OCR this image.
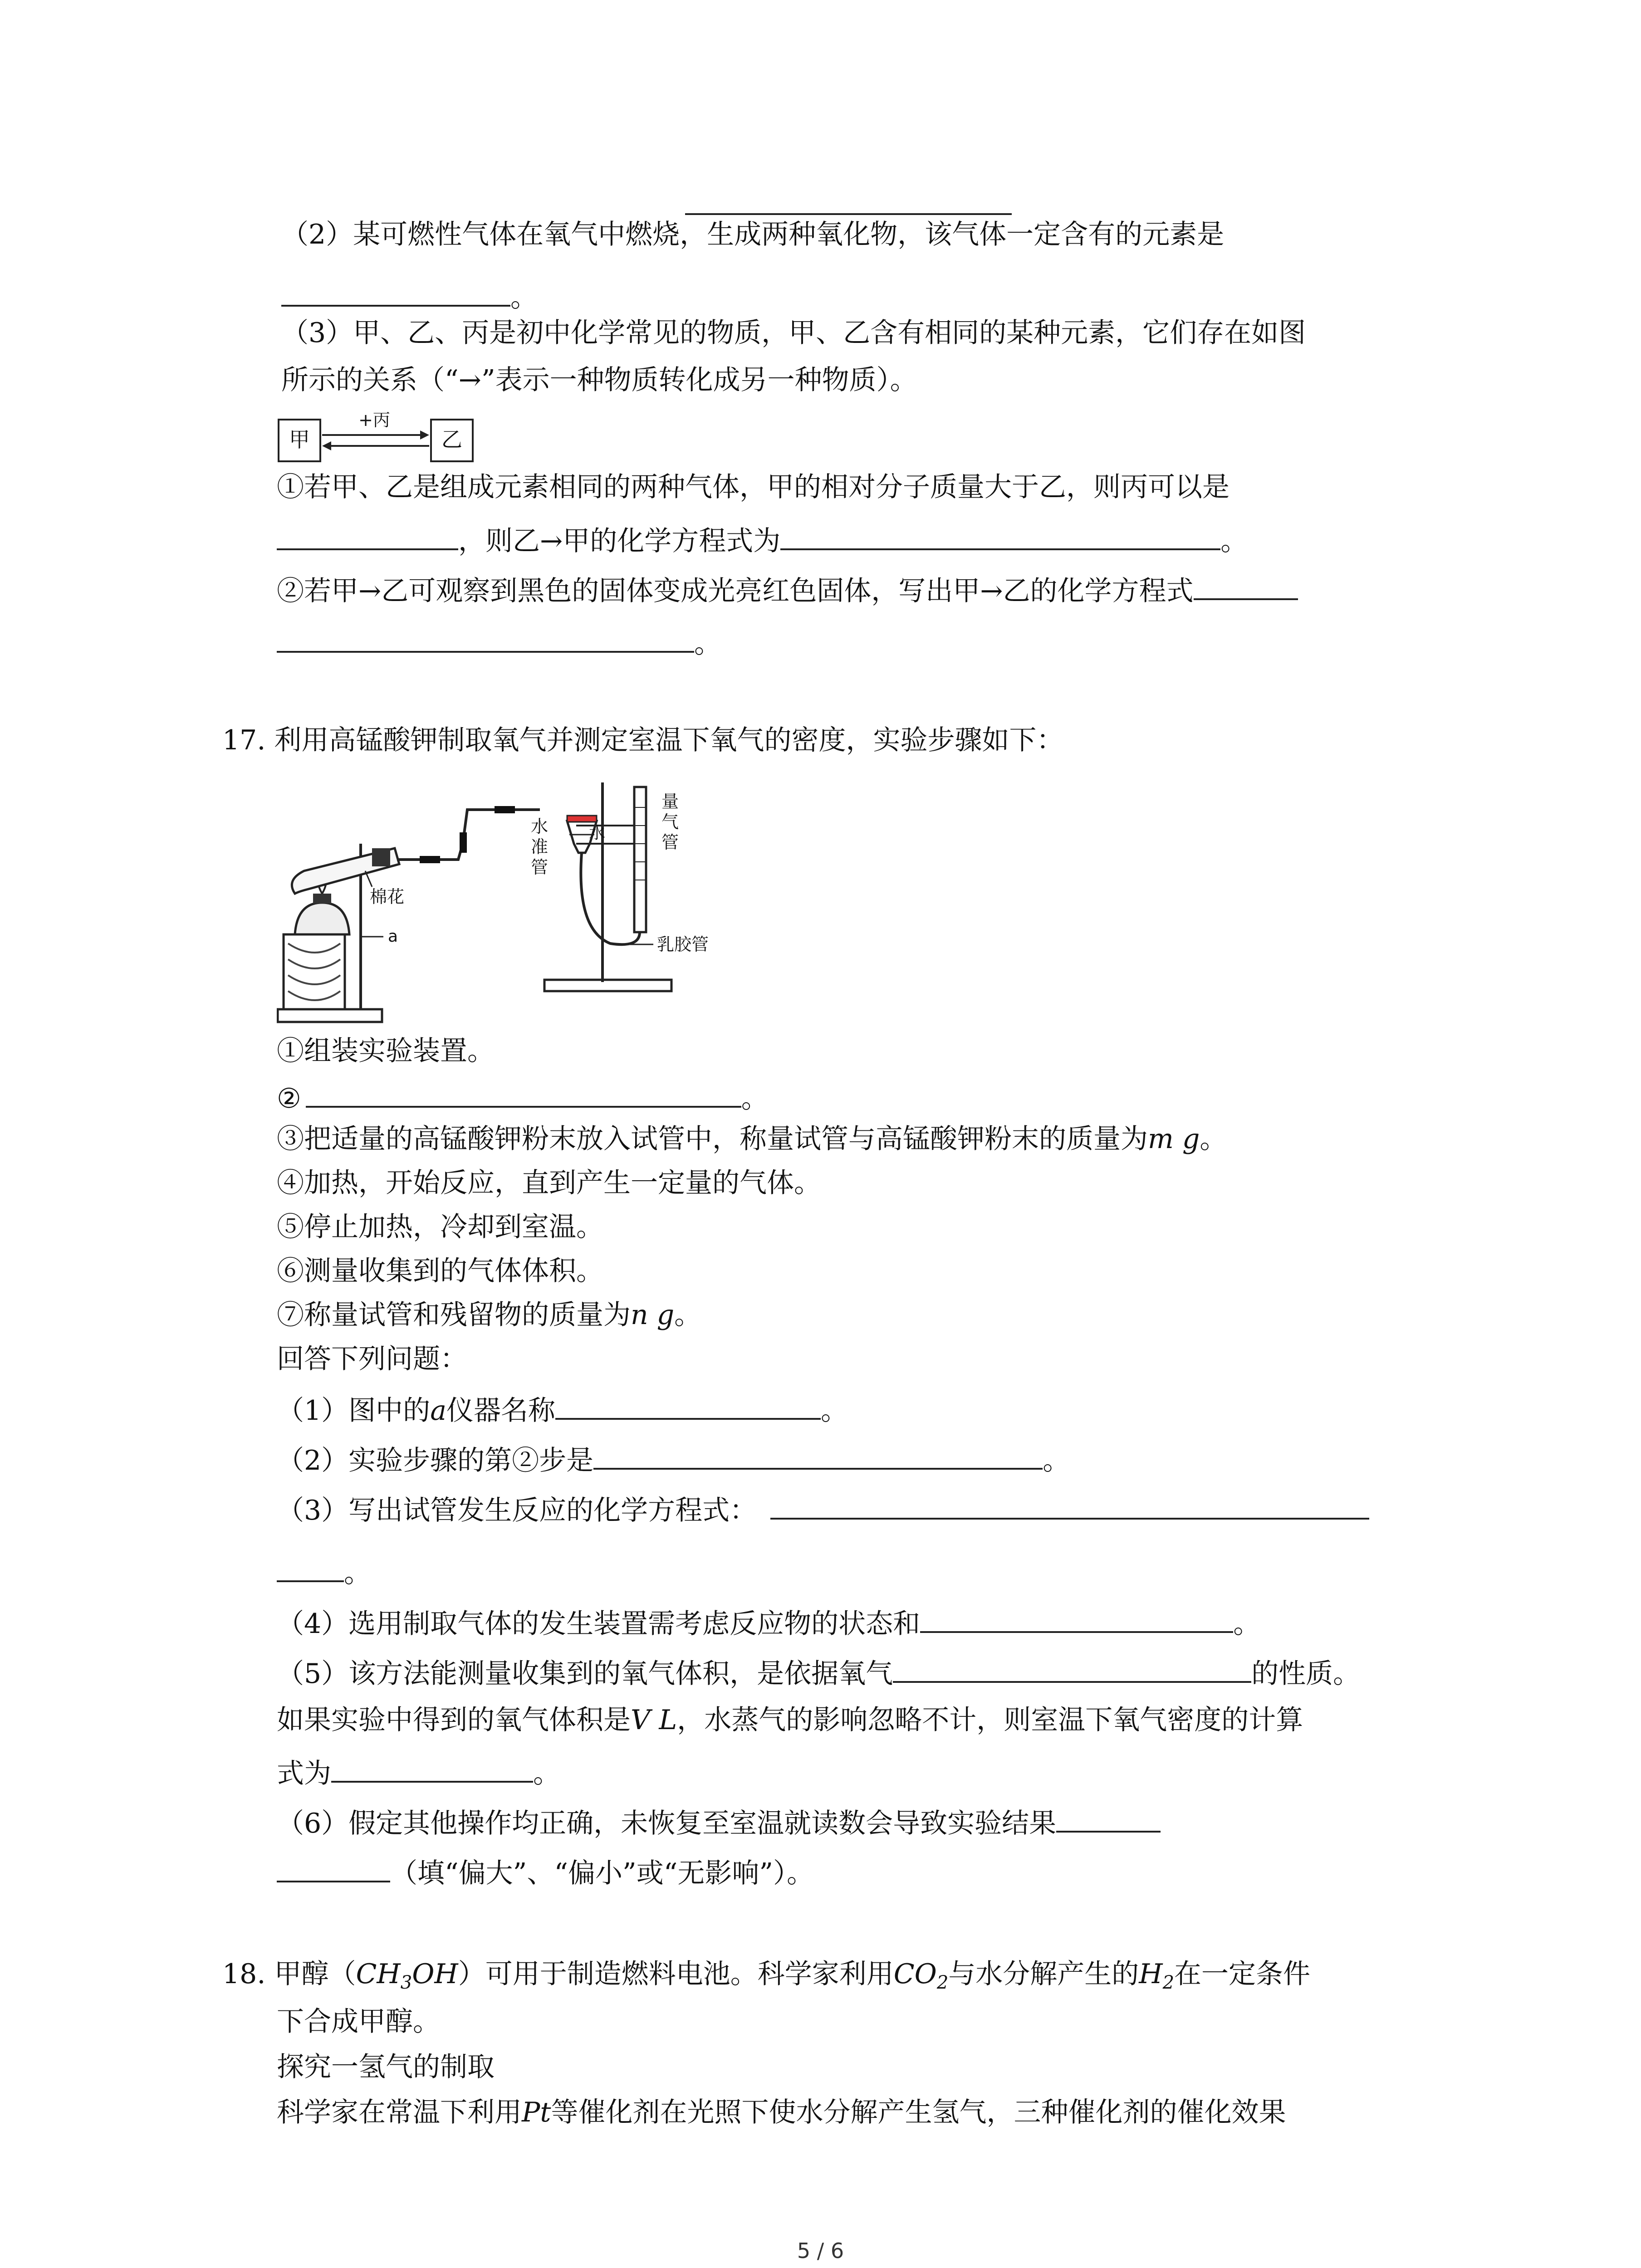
（2）某可燃性气体在氧气中燃烧，生成两种氧化物，该气体一定含有的元素是
。
（3）甲、乙、丙是初中化学常见的物质，甲、乙含有相同的某种元素，它们存在如图
所示的关系（“→”表示一种物质转化成另一种物质）。
甲	乙
+丙
①若甲、乙是组成元素相同的两种气体，甲的相对分子质量大于乙，则丙可以是
，则乙→甲的化学方程式为	。
②若甲→乙可观察到黑色的固体变成光亮红色固体，写出甲→乙的化学方程式
。
17. 利用高锰酸钾制取氧气并测定室温下氧气的密度，实验步骤如下：
棉花
a
水
水
准
管
量
气
管
乳胶管
①组装实验装置。
②	。
③把适量的高锰酸钾粉末放入试管中，称量试管与高锰酸钾粉末的质量为m g。
④加热，开始反应，直到产生一定量的气体。
⑤停止加热，冷却到室温。
⑥测量收集到的气体体积。
⑦称量试管和残留物的质量为n g。
回答下列问题：
（1）图中的a仪器名称	。
（2）实验步骤的第②步是	。
（3）写出试管发生反应的化学方程式：
。
（4）选用制取气体的发生装置需考虑反应物的状态和	。
（5）该方法能测量收集到的氧气体积，是依据氧气	的性质。
如果实验中得到的氧气体积是V L，水蒸气的影响忽略不计，则室温下氧气密度的计算
式为	。
（6）假定其他操作均正确，未恢复至室温就读数会导致实验结果
（填“偏大”、“偏小”或“无影响”）。
18. 甲醇$(CH_3OH)$可用于制造燃料电池。科学家利用$CO_2$与水分解产生的$H_2$在一定条件
下合成甲醇。
探究一氢气的制取
科学家在常温下利用Pt等催化剂在光照下使水分解产生氢气，三种催化剂的催化效果
5 / 6
